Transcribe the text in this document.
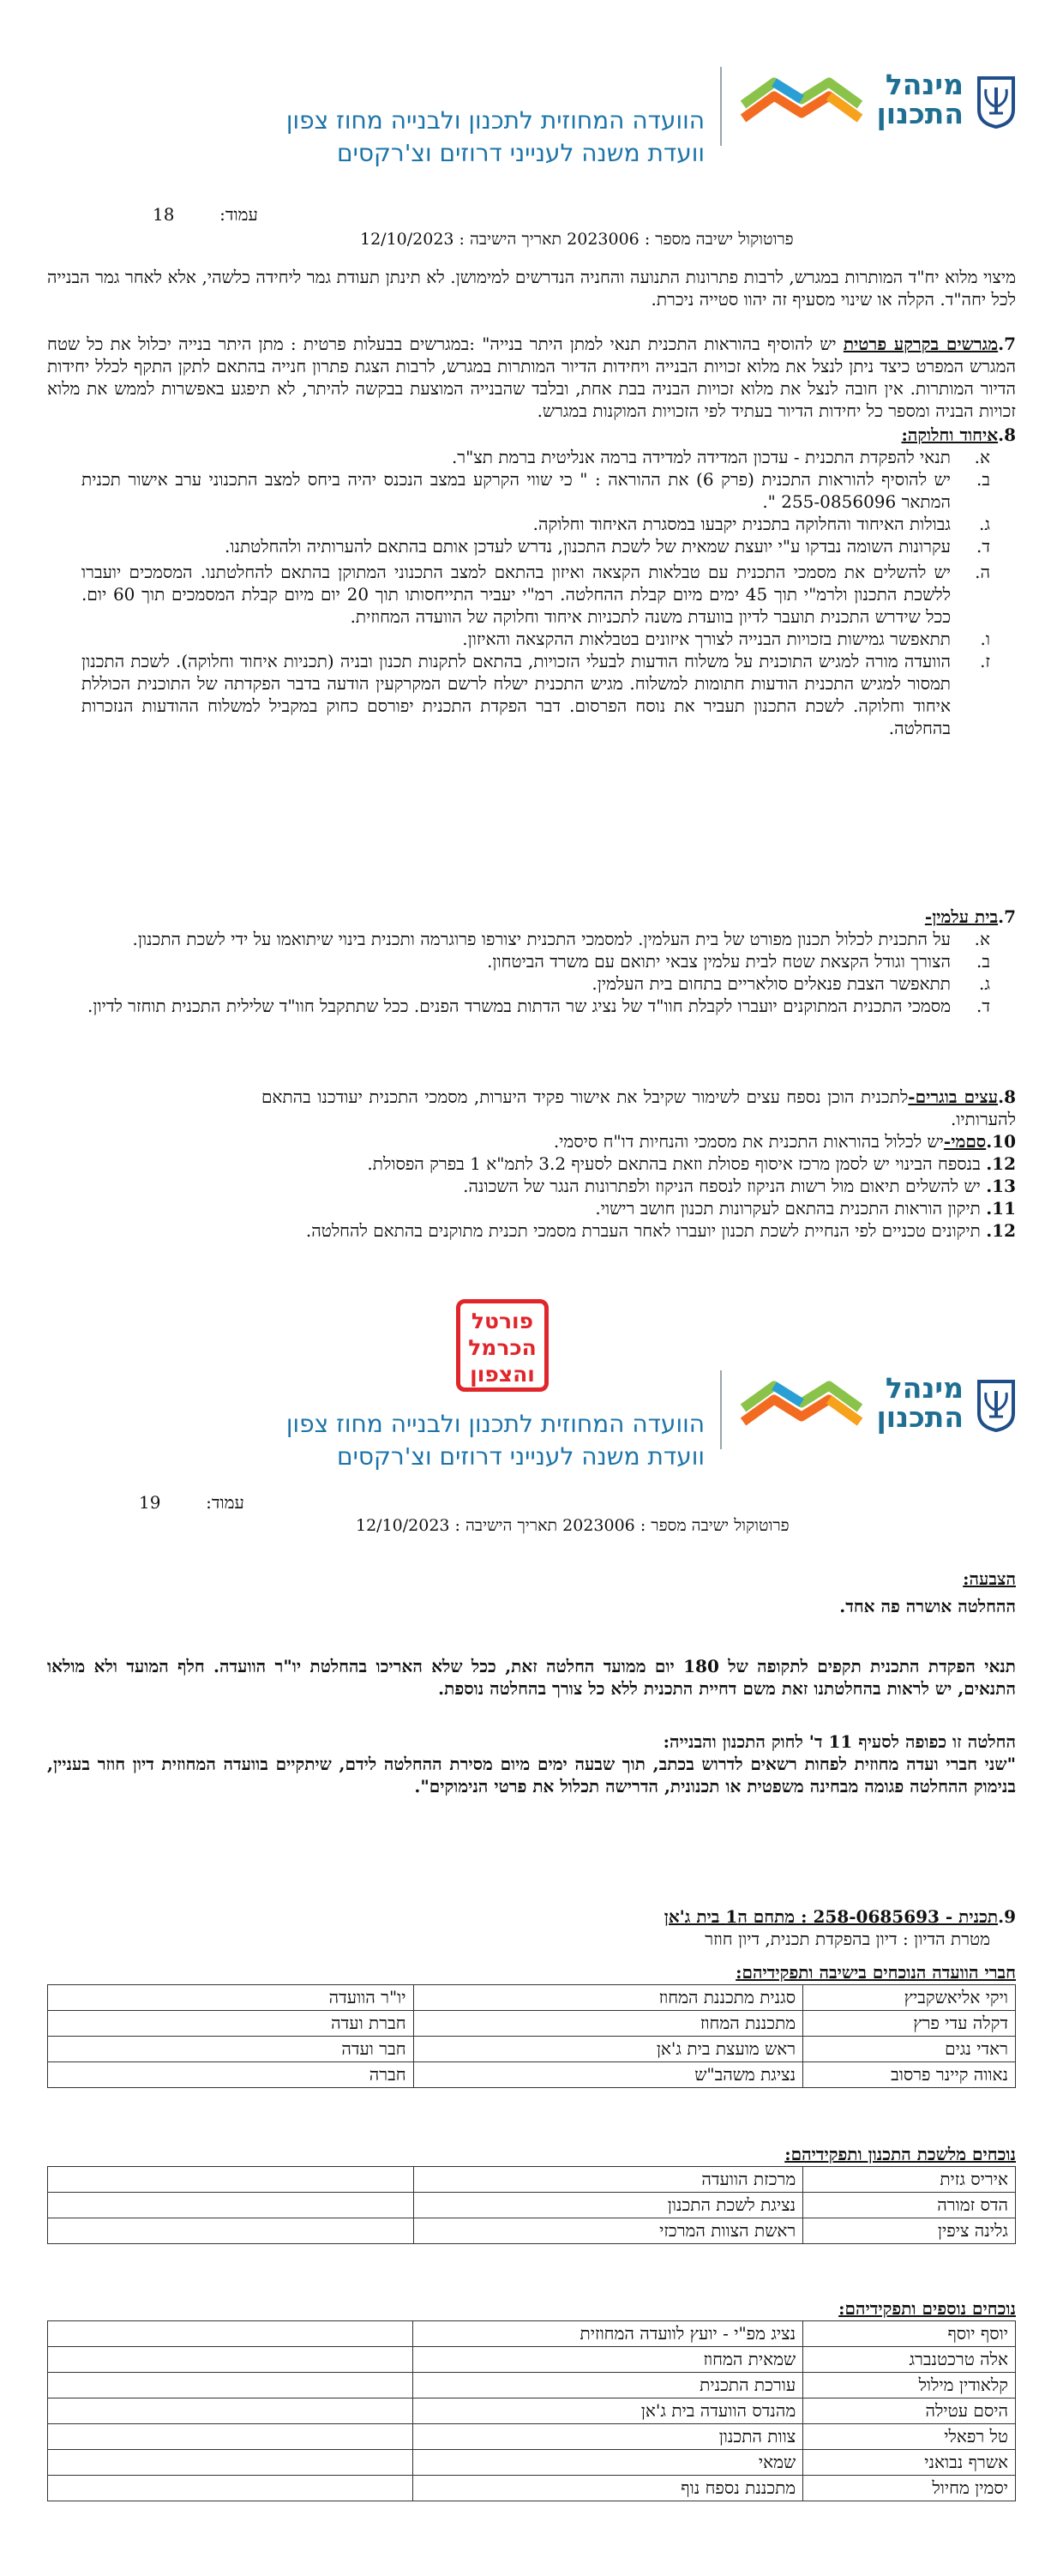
מינהל
התכנון
הוועדה המחוזית לתכנון ולבנייה מחוז צפון
וועדת משנה לענייני דרוזים וצ'רקסים
עמוד:  18
פרוטוקול ישיבה מספר : 2023006 תאריך הישיבה : 12/10/2023
מיצוי מלוא יח"ד המותרות במגרש, לרבות פתרונות התנועה והחניה הנדרשים למימושן. לא תינתן תעודת גמר ליחידה כלשהי, אלא לאחר גמר הבנייה לכל יחה"ד. הקלה או שינוי מסעיף זה יהוו סטייה ניכרת.
7.מגרשים בקרקע פרטית יש להוסיף בהוראות התכנית תנאי למתן היתר בנייה" :במגרשים בבעלות פרטית : מתן היתר בנייה יכלול את כל שטח המגרש המפרט כיצד ניתן לנצל את מלוא זכויות הבנייה ויחידות הדיור המותרות במגרש, לרבות הצגת פתרון חנייה בהתאם לתקן התקף לכלל יחידות הדיור המותרות. אין חובה לנצל את מלוא זכויות הבניה בבת אחת, ובלבד שהבנייה המוצעת בבקשה להיתר, לא תיפגע באפשרות לממש את מלוא זכויות הבניה ומספר כל יחידות הדיור בעתיד לפי הזכויות המוקנות במגרש.
8.איחוד וחלוקה:
א.
תנאי להפקדת התכנית - עדכון המדידה למדידה ברמה אנליטית ברמת תצ"ר.
ב.
יש להוסיף להוראות התכנית (פרק 6) את ההוראה : " כי שווי הקרקע במצב הנכנס יהיה ביחס למצב התכנוני ערב אישור תכנית המתאר 255-0856096 ".
ג.
גבולות האיחוד והחלוקה בתכנית יקבעו במסגרת האיחוד וחלוקה.
ד.
עקרונות השומה נבדקו ע"י יועצת שמאית של לשכת התכנון, נדרש לעדכן אותם בהתאם להערותיה ולהחלטתנו.
ה.
יש להשלים את מסמכי התכנית עם טבלאות הקצאה ואיזון בהתאם למצב התכנוני המתוקן בהתאם להחלטתנו. המסמכים יועברו ללשכת התכנון ולרמ"י תוך 45 ימים מיום קבלת ההחלטה. רמ"י יעביר התייחסותו תוך 20 יום מיום קבלת המסמכים תוך 60 יום. ככל שידרש התכנית תועבר לדיון בוועדת משנה לתכניות איחוד וחלוקה של הוועדה המחוזית.
ו.
תתאפשר גמישות בזכויות הבנייה לצורך איזונים בטבלאות ההקצאה והאיזון.
ז.
הוועדה מורה למגיש התוכנית על משלוח הודעות לבעלי הזכויות, בהתאם לתקנות תכנון ובניה (תכניות איחוד וחלוקה). לשכת התכנון תמסור למגיש התכנית הודעות חתומות למשלוח. מגיש התכנית ישלח לרשם המקרקעין הודעה בדבר הפקדתה של התוכנית הכוללת איחוד וחלוקה. לשכת התכנון תעביר את נוסח הפרסום. דבר הפקדת התכנית יפורסם כחוק במקביל למשלוח ההודעות הנזכרות בהחלטה.
7.בית עלמין-
א.
על התכנית לכלול תכנון מפורט של בית העלמין. למסמכי התכנית יצורפו פרוגרמה ותכנית בינוי שיתואמו על ידי לשכת התכנון.
ב.
הצורך וגודל הקצאת שטח לבית עלמין צבאי יתואם עם משרד הביטחון.
ג.
תתאפשר הצבת פנאלים סולאריים בתחום בית העלמין.
ד.
מסמכי התכנית המתוקנים יועברו לקבלת חוו"ד של נציג שר הדתות במשרד הפנים. ככל שתתקבל חוו"ד שלילית התכנית תוחזר לדיון.
8.עצים בוגרים-לתכנית הוכן נספח עצים לשימור שקיבל את אישור פקיד היערות, מסמכי התכנית יעודכנו בהתאם להערותיו.
10.סםמי-יש לכלול בהוראות התכנית את מסמכי והנחיות דו"ח סיסמי.
12. בנספח הבינוי יש לסמן מרכז איסוף פסולת וזאת בהתאם לסעיף 3.2 לתמ"א 1 בפרק הפסולת.
13. יש להשלים תיאום מול רשות הניקוז לנספח הניקוז ולפתרונות הנגר של השכונה.
11. תיקון הוראות התכנית בהתאם לעקרונות תכנון חושב רישוי.
12. תיקונים טכניים לפי הנחיית לשכת תכנון יועברו לאחר העברת מסמכי תכנית מתוקנים בהתאם להחלטה.
פורטל
הכרמל
והצפון	מינהל
התכנון
הוועדה המחוזית לתכנון ולבנייה מחוז צפון
וועדת משנה לענייני דרוזים וצ'רקסים
עמוד:  19
פרוטוקול ישיבה מספר : 2023006 תאריך הישיבה : 12/10/2023
הצבעה:
ההחלטה אושרה פה אחד.
תנאי הפקדת התכנית תקפים לתקופה של 180 יום ממועד החלטה זאת, ככל שלא האריכו בהחלטת יו"ר הוועדה. חלף המועד ולא מולאו התנאים, יש לראות בהחלטתנו זאת משם דחיית התכנית ללא כל צורך בהחלטה נוספת.
החלטה זו כפופה לסעיף 11 ד' לחוק התכנון והבנייה:
"שני חברי ועדה מחוזית לפחות רשאים לדרוש בכתב, תוך שבעה ימים מיום מסירת ההחלטה לידם, שיתקיים בוועדה המחוזית דיון חוזר בעניין, בנימוק ההחלטה פגומה מבחינה משפטית או תכנונית, הדרישה תכלול את פרטי הנימוקים".
9.תכנית - 258-0685693 : מתחם ה1 בית ג'אן
מטרת הדיון : דיון בהפקדת תכנית, דיון חוזר
חברי הוועדה הנוכחים בישיבה ותפקידיהם:
ויקי אליאשקביץ	סגנית מתכננת המחוז	יו"ר הוועדה
דקלה עדי פרץ	מתכננת המחוז	חברת ועדה
ראדי נגים	ראש מועצת בית ג'אן	חבר ועדה
נאווה קיינר פרסוב	נציגת משהב"ש	חברה
נוכחים מלשכת התכנון ותפקידיהם:
איריס גזית	מרכזת הוועדה	
הדס זמורה	נציגת לשכת התכנון	
גלינה ציפין	ראשת הצוות המרכזי	
נוכחים נוספים ותפקידיהם:
יוסף יוסף	נציג מפ"י - יועץ לוועדה המחוזית	
אלה טרכטנברג	שמאית המחוז	
קלאודין מילול	עורכת התכנית	
היסם עטילה	מהנדס הוועדה בית ג'אן	
טל רפאלי	צוות התכנון	
אשרף נבואני	שמאי	
יסמין מחיול	מתכננת נספח נוף	
